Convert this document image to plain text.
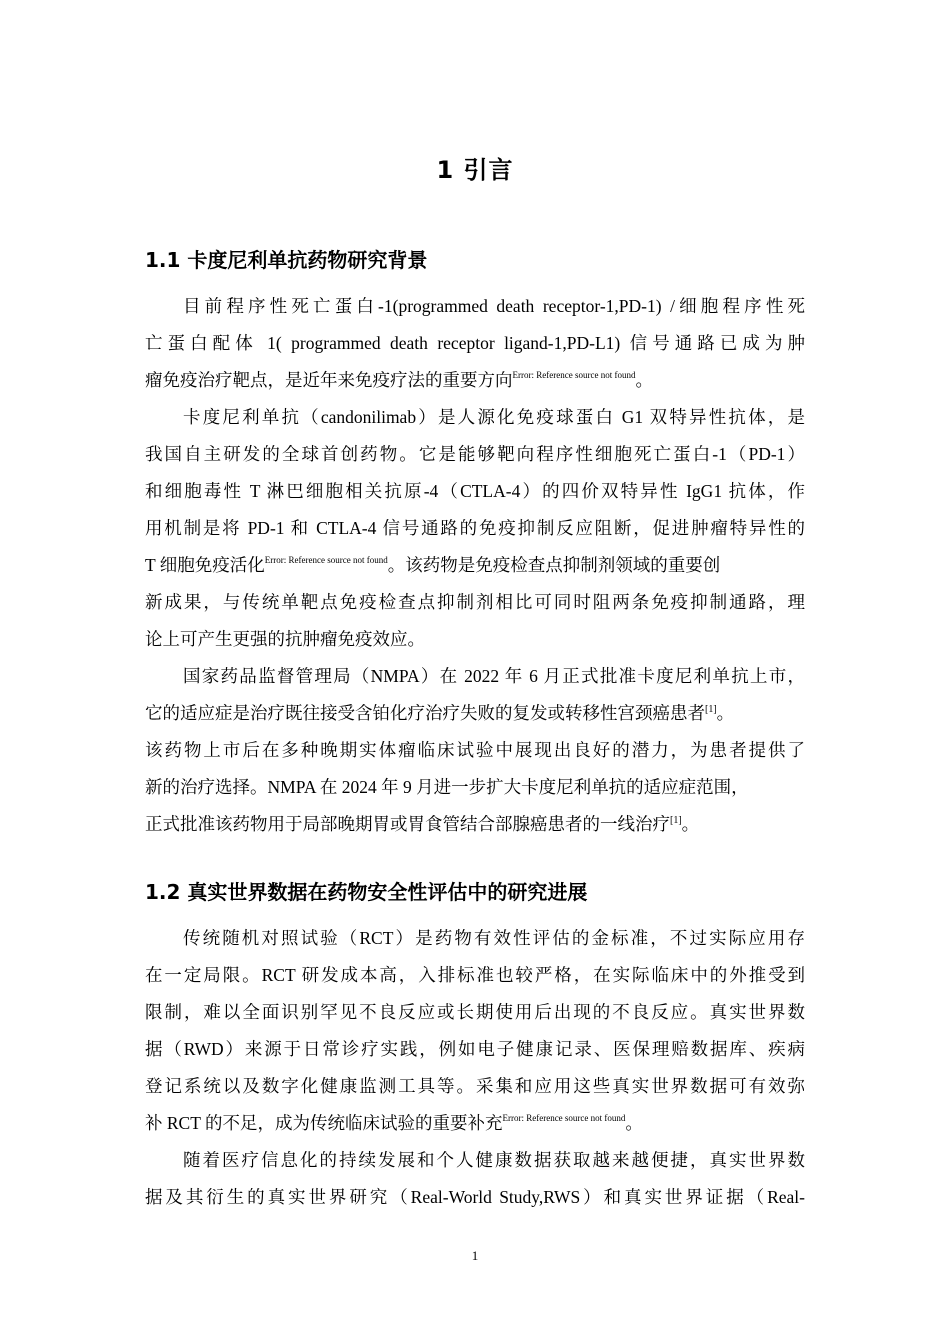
1 引言
1.1 卡度尼利单抗药物研究背景
目前程序性死亡蛋白-1(programmed death receptor-1,PD-1) /细胞程序性死
亡蛋白配体 1( programmed death receptor ligand-1,PD-L1) 信号通路已成为肿
瘤免疫治疗靶点，是近年来免疫疗法的重要方向$^{Error: Reference source not found}$。
卡度尼利单抗（candonilimab）是人源化免疫球蛋白 G1 双特异性抗体，是
我国自主研发的全球首创药物。它是能够靶向程序性细胞死亡蛋白-1（PD-1）
和细胞毒性 T 淋巴细胞相关抗原-4（CTLA-4）的四价双特异性 IgG1 抗体，作
用机制是将 PD-1 和 CTLA-4 信号通路的免疫抑制反应阻断，促进肿瘤特异性的
T 细胞免疫活化$^{Error: Reference source not found}$。该药物是免疫检查点抑制剂领域的重要创
新成果，与传统单靶点免疫检查点抑制剂相比可同时阻两条免疫抑制通路，理
论上可产生更强的抗肿瘤免疫效应。
国家药品监督管理局（NMPA）在 2022 年 6 月正式批准卡度尼利单抗上市，
它的适应症是治疗既往接受含铂化疗治疗失败的复发或转移性宫颈癌患者[1]。
该药物上市后在多种晚期实体瘤临床试验中展现出良好的潜力，为患者提供了
新的治疗选择。NMPA 在 2024 年 9 月进一步扩大卡度尼利单抗的适应症范围，
正式批准该药物用于局部晚期胃或胃食管结合部腺癌患者的一线治疗[1]。
1.2 真实世界数据在药物安全性评估中的研究进展
传统随机对照试验（RCT）是药物有效性评估的金标准，不过实际应用存
在一定局限。RCT 研发成本高，入排标准也较严格，在实际临床中的外推受到
限制，难以全面识别罕见不良反应或长期使用后出现的不良反应。真实世界数
据（RWD）来源于日常诊疗实践，例如电子健康记录、医保理赔数据库、疾病
登记系统以及数字化健康监测工具等。采集和应用这些真实世界数据可有效弥
补 RCT 的不足，成为传统临床试验的重要补充$^{Error: Reference source not found}$。
随着医疗信息化的持续发展和个人健康数据获取越来越便捷，真实世界数
据及其衍生的真实世界研究（Real-World Study,RWS）和真实世界证据（Real-
1
